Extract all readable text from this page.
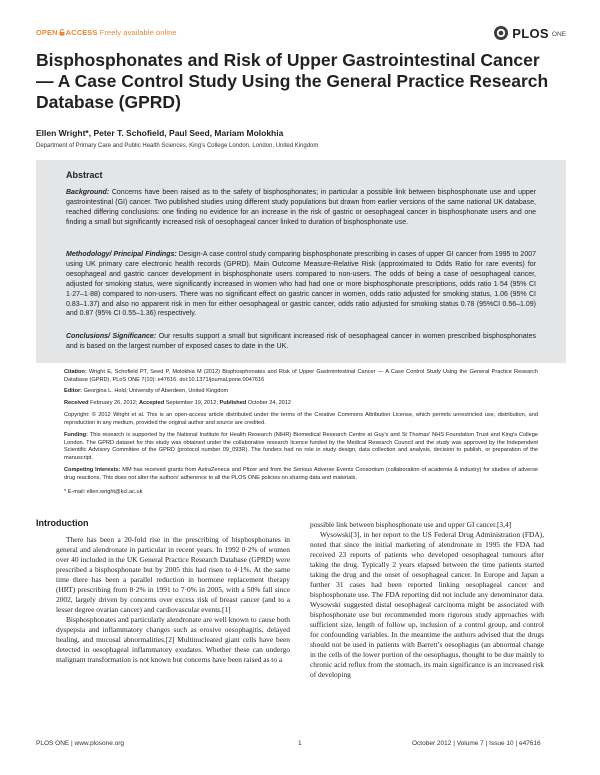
OPEN ACCESS Freely available online	PLOS ONE
Bisphosphonates and Risk of Upper Gastrointestinal Cancer — A Case Control Study Using the General Practice Research Database (GPRD)
Ellen Wright*, Peter T. Schofield, Paul Seed, Mariam Molokhia
Department of Primary Care and Public Health Sciences, King’s College London, London, United Kingdom
Abstract
Background: Concerns have been raised as to the safety of bisphosphonates; in particular a possible link between bisphosphonate use and upper gastrointestinal (GI) cancer. Two published studies using different study populations but drawn from earlier versions of the same national UK database, reached differing conclusions: one finding no evidence for an increase in the risk of gastric or oesophageal cancer in bisphosphonate users and one finding a small but significantly increased risk of oesophageal cancer linked to duration of bisphosphonate use.
Methodology/ Principal Findings: Design-A case control study comparing bisphosphonate prescribing in cases of upper GI cancer from 1995 to 2007 using UK primary care electronic health records (GPRD). Main Outcome Measure-Relative Risk (approximated to Odds Ratio for rare events) for oesophageal and gastric cancer development in bisphosphonate users compared to non-users. The odds of being a case of oesophageal cancer, adjusted for smoking status, were significantly increased in women who had had one or more bisphosphonate prescriptions, odds ratio 1·54 (95% CI 1·27–1·88) compared to non-users. There was no significant effect on gastric cancer in women, odds ratio adjusted for smoking status, 1.06 (95% CI 0.83–1.37) and also no apparent risk in men for either oesophageal or gastric cancer, odds ratio adjusted for smoking status 0.78 (95%CI 0.56–1.09) and 0.87 (95% CI 0.55–1.36) respectively.
Conclusions/ Significance: Our results support a small but significant increased risk of oesophageal cancer in women prescribed bisphosphonates and is based on the largest number of exposed cases to date in the UK.
Citation: Wright E, Schofield PT, Seed P, Molokhia M (2012) Bisphosphonates and Risk of Upper Gastrointestinal Cancer — A Case Control Study Using the General Practice Research Database (GPRD). PLoS ONE 7(10): e47616. doi:10.1371/journal.pone.0047616
Editor: Georgina L. Hold, University of Aberdeen, United Kingdom
Received February 26, 2012; Accepted September 19, 2012; Published October 24, 2012
Copyright: © 2012 Wright et al. This is an open-access article distributed under the terms of the Creative Commons Attribution License, which permits unrestricted use, distribution, and reproduction in any medium, provided the original author and source are credited.
Funding: This research is supported by the National Institute for Health Research (NIHR) Biomedical Research Centre at Guy’s and St Thomas’ NHS Foundation Trust and King’s College London. The GPRD dataset for this study was obtained under the collaborative research licence funded by the Medical Research Council and the study was approved by the Independent Scientific Advisory Committee of the GPRD (protocol number 09_093R). The funders had no role in study design, data collection and analysis, decision to publish, or preparation of the manuscript.
Competing Interests: MM has received grants from AstraZeneca and Pfizer and from the Serious Adverse Events Consortium (collaboration of academia & industry) for studies of adverse drug reactions. This does not alter the authors’ adherence to all the PLOS ONE policies on sharing data and materials.
* E-mail: ellen.wright@kcl.ac.uk
Introduction

There has been a 20-fold rise in the prescribing of bisphosphonates in general and alendronate in particular in recent years. In 1992 0·2% of women over 40 included in the UK General Practice Research Database (GPRD) were prescribed a bisphosphonate but by 2005 this had risen to 4·1%. At the same time there has been a parallel reduction in hormone replacement therapy (HRT) prescribing from 8·2% in 1991 to 7·0% in 2005, with a 50% fall since 2002, largely driven by concerns over excess risk of breast cancer (and to a lesser degree ovarian cancer) and cardiovascular events.[1]

Bisphosphonates and particularly alendronate are well known to cause both dyspepsia and inflammatory changes such as erosive oesophagitis, delayed healing, and mucosal abnormalities.[2] Multinucleated giant cells have been detected in oesophageal inflammatory exudates. Whether these can undergo malignant transformation is not known but concerns have been raised as to a

possible link between bisphosphonate use and upper GI cancer.[3,4]

Wysowski[3], in her report to the US Federal Drug Administration (FDA), noted that since the initial marketing of alendronate in 1995 the FDA had received 23 reports of patients who developed oesophageal tumours after taking the drug. Typically 2 years elapsed between the time patients started taking the drug and the onset of oesophageal cancer. In Europe and Japan a further 31 cases had been reported linking oesophageal cancer and bisphosphonate use. The FDA reporting did not include any denominator data. Wysowski suggested distal oesophageal carcinoma might be associated with bisphosphonate use but recommended more rigorous study approaches with sufficient size, length of follow up, inclusion of a control group, and control for confounding variables. In the meantime the authors advised that the drugs should not be used in patients with Barrett’s oesophagus (an abnormal change in the cells of the lower portion of the oesophagus, thought to be due mainly to chronic acid reflux from the stomach, its main significance is an increased risk of developing

PLOS ONE | www.plosone.org	1	October 2012 | Volume 7 | Issue 10 | e47616
